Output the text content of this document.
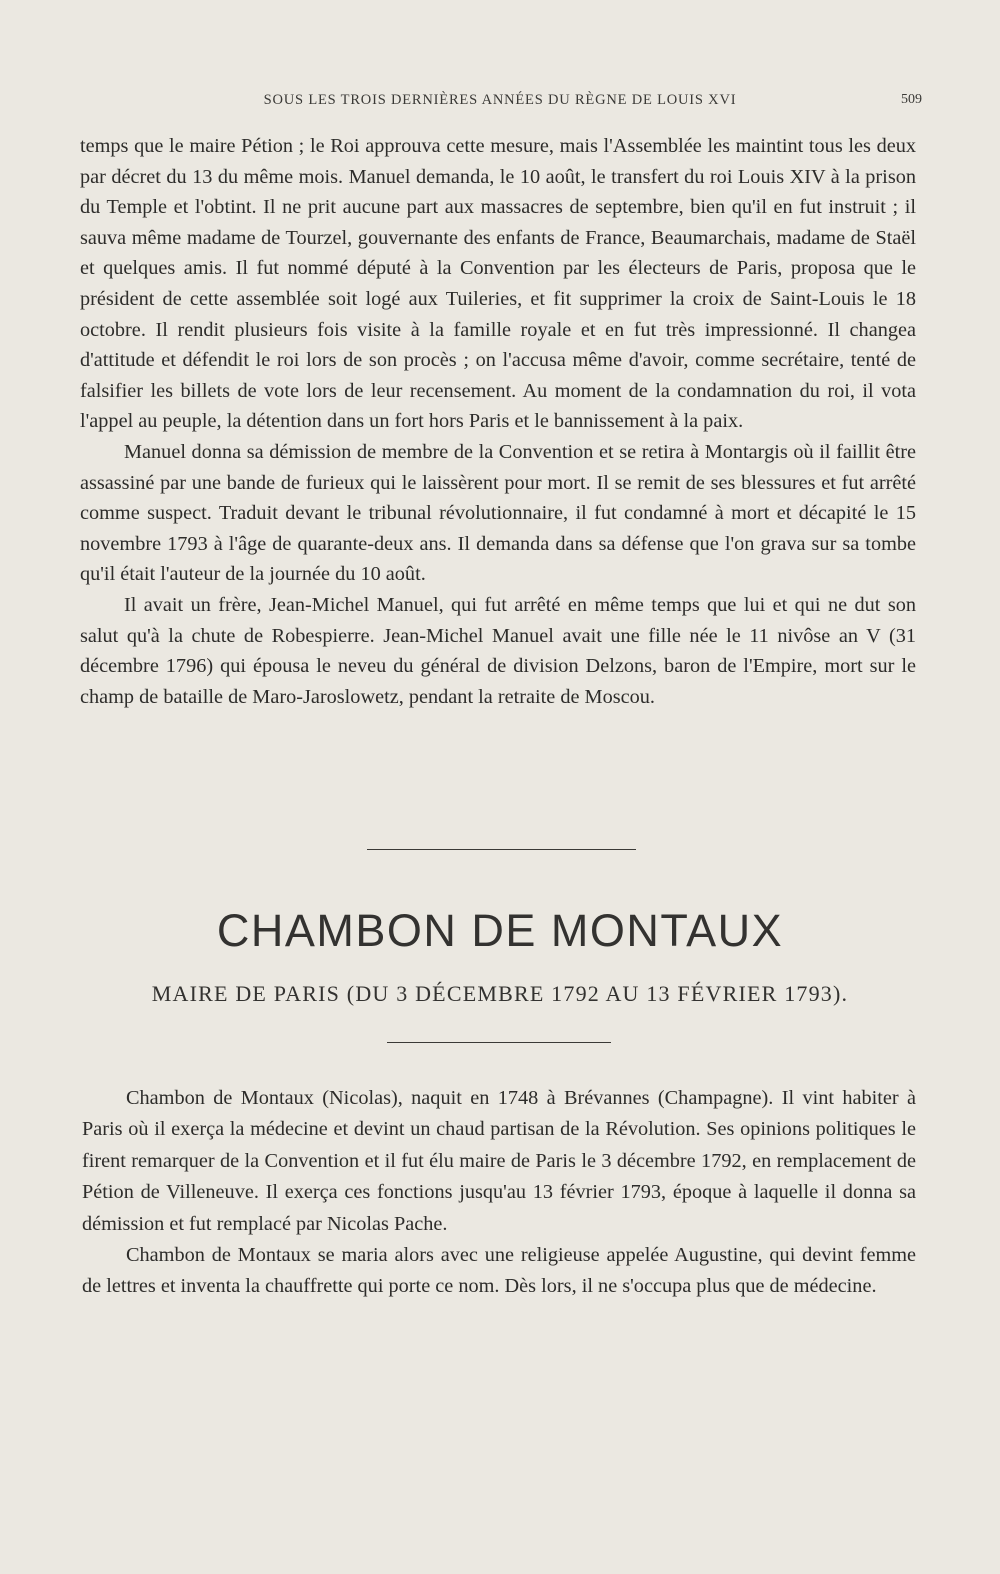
SOUS LES TROIS DERNIÈRES ANNÉES DU RÈGNE DE LOUIS XVI	509

temps que le maire Pétion ; le Roi approuva cette mesure, mais l'Assemblée les maintint tous les deux par décret du 13 du même mois. Manuel demanda, le 10 août, le transfert du roi Louis XIV à la prison du Temple et l'obtint. Il ne prit aucune part aux massacres de septembre, bien qu'il en fut instruit ; il sauva même madame de Tourzel, gouvernante des enfants de France, Beaumarchais, madame de Staël et quelques amis. Il fut nommé député à la Convention par les électeurs de Paris, proposa que le président de cette assemblée soit logé aux Tuileries, et fit supprimer la croix de Saint-Louis le 18 octobre. Il rendit plusieurs fois visite à la famille royale et en fut très impressionné. Il changea d'attitude et défendit le roi lors de son procès ; on l'accusa même d'avoir, comme secrétaire, tenté de falsifier les billets de vote lors de leur recensement. Au moment de la condamnation du roi, il vota l'appel au peuple, la détention dans un fort hors Paris et le bannissement à la paix.

Manuel donna sa démission de membre de la Convention et se retira à Montargis où il faillit être assassiné par une bande de furieux qui le laissèrent pour mort. Il se remit de ses blessures et fut arrêté comme suspect. Traduit devant le tribunal révolutionnaire, il fut condamné à mort et décapité le 15 novembre 1793 à l'âge de quarante-deux ans. Il demanda dans sa défense que l'on grava sur sa tombe qu'il était l'auteur de la journée du 10 août.

Il avait un frère, Jean-Michel Manuel, qui fut arrêté en même temps que lui et qui ne dut son salut qu'à la chute de Robespierre. Jean-Michel Manuel avait une fille née le 11 nivôse an V (31 décembre 1796) qui épousa le neveu du général de division Delzons, baron de l'Empire, mort sur le champ de bataille de Maro-Jaroslowetz, pendant la retraite de Moscou.

CHAMBON DE MONTAUX
MAIRE DE PARIS (DU 3 DÉCEMBRE 1792 AU 13 FÉVRIER 1793).

Chambon de Montaux (Nicolas), naquit en 1748 à Brévannes (Champagne). Il vint habiter à Paris où il exerça la médecine et devint un chaud partisan de la Révolution. Ses opinions politiques le firent remarquer de la Convention et il fut élu maire de Paris le 3 décembre 1792, en remplacement de Pétion de Villeneuve. Il exerça ces fonctions jusqu'au 13 février 1793, époque à laquelle il donna sa démission et fut remplacé par Nicolas Pache.

Chambon de Montaux se maria alors avec une religieuse appelée Augustine, qui devint femme de lettres et inventa la chauffrette qui porte ce nom. Dès lors, il ne s'occupa plus que de médecine.
